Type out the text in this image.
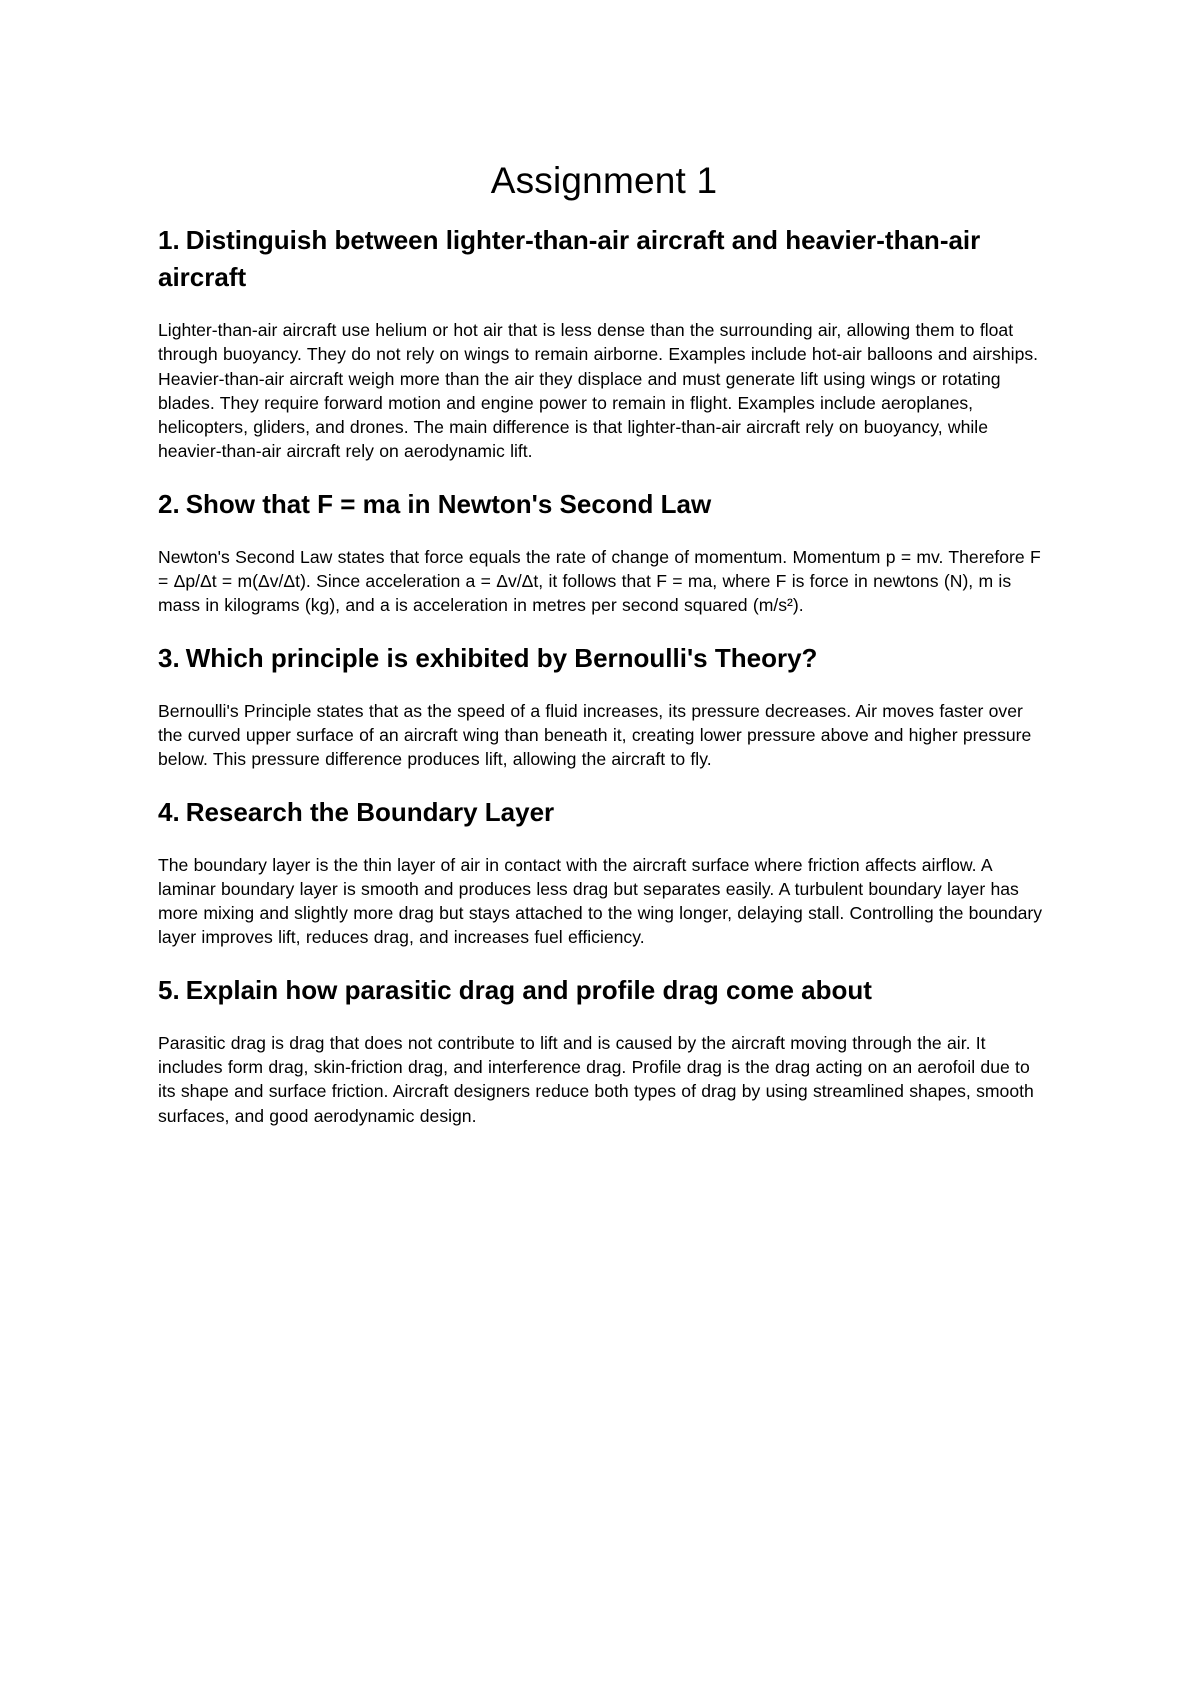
Assignment 1
1. Distinguish between lighter-than-air aircraft and heavier-than-air aircraft

Lighter-than-air aircraft use helium or hot air that is less dense than the surrounding air, allowing them to float through buoyancy. They do not rely on wings to remain airborne. Examples include hot-air balloons and airships. Heavier-than-air aircraft weigh more than the air they displace and must generate lift using wings or rotating blades. They require forward motion and engine power to remain in flight. Examples include aeroplanes, helicopters, gliders, and drones. The main difference is that lighter-than-air aircraft rely on buoyancy, while heavier-than-air aircraft rely on aerodynamic lift.

2. Show that F = ma in Newton's Second Law

Newton's Second Law states that force equals the rate of change of momentum. Momentum p = mv. Therefore F = Δp/Δt = m(Δv/Δt). Since acceleration a = Δv/Δt, it follows that F = ma, where F is force in newtons (N), m is mass in kilograms (kg), and a is acceleration in metres per second squared (m/s²).

3. Which principle is exhibited by Bernoulli's Theory?

Bernoulli's Principle states that as the speed of a fluid increases, its pressure decreases. Air moves faster over the curved upper surface of an aircraft wing than beneath it, creating lower pressure above and higher pressure below. This pressure difference produces lift, allowing the aircraft to fly.

4. Research the Boundary Layer

The boundary layer is the thin layer of air in contact with the aircraft surface where friction affects airflow. A laminar boundary layer is smooth and produces less drag but separates easily. A turbulent boundary layer has more mixing and slightly more drag but stays attached to the wing longer, delaying stall. Controlling the boundary layer improves lift, reduces drag, and increases fuel efficiency.

5. Explain how parasitic drag and profile drag come about

Parasitic drag is drag that does not contribute to lift and is caused by the aircraft moving through the air. It includes form drag, skin-friction drag, and interference drag. Profile drag is the drag acting on an aerofoil due to its shape and surface friction. Aircraft designers reduce both types of drag by using streamlined shapes, smooth surfaces, and good aerodynamic design.
